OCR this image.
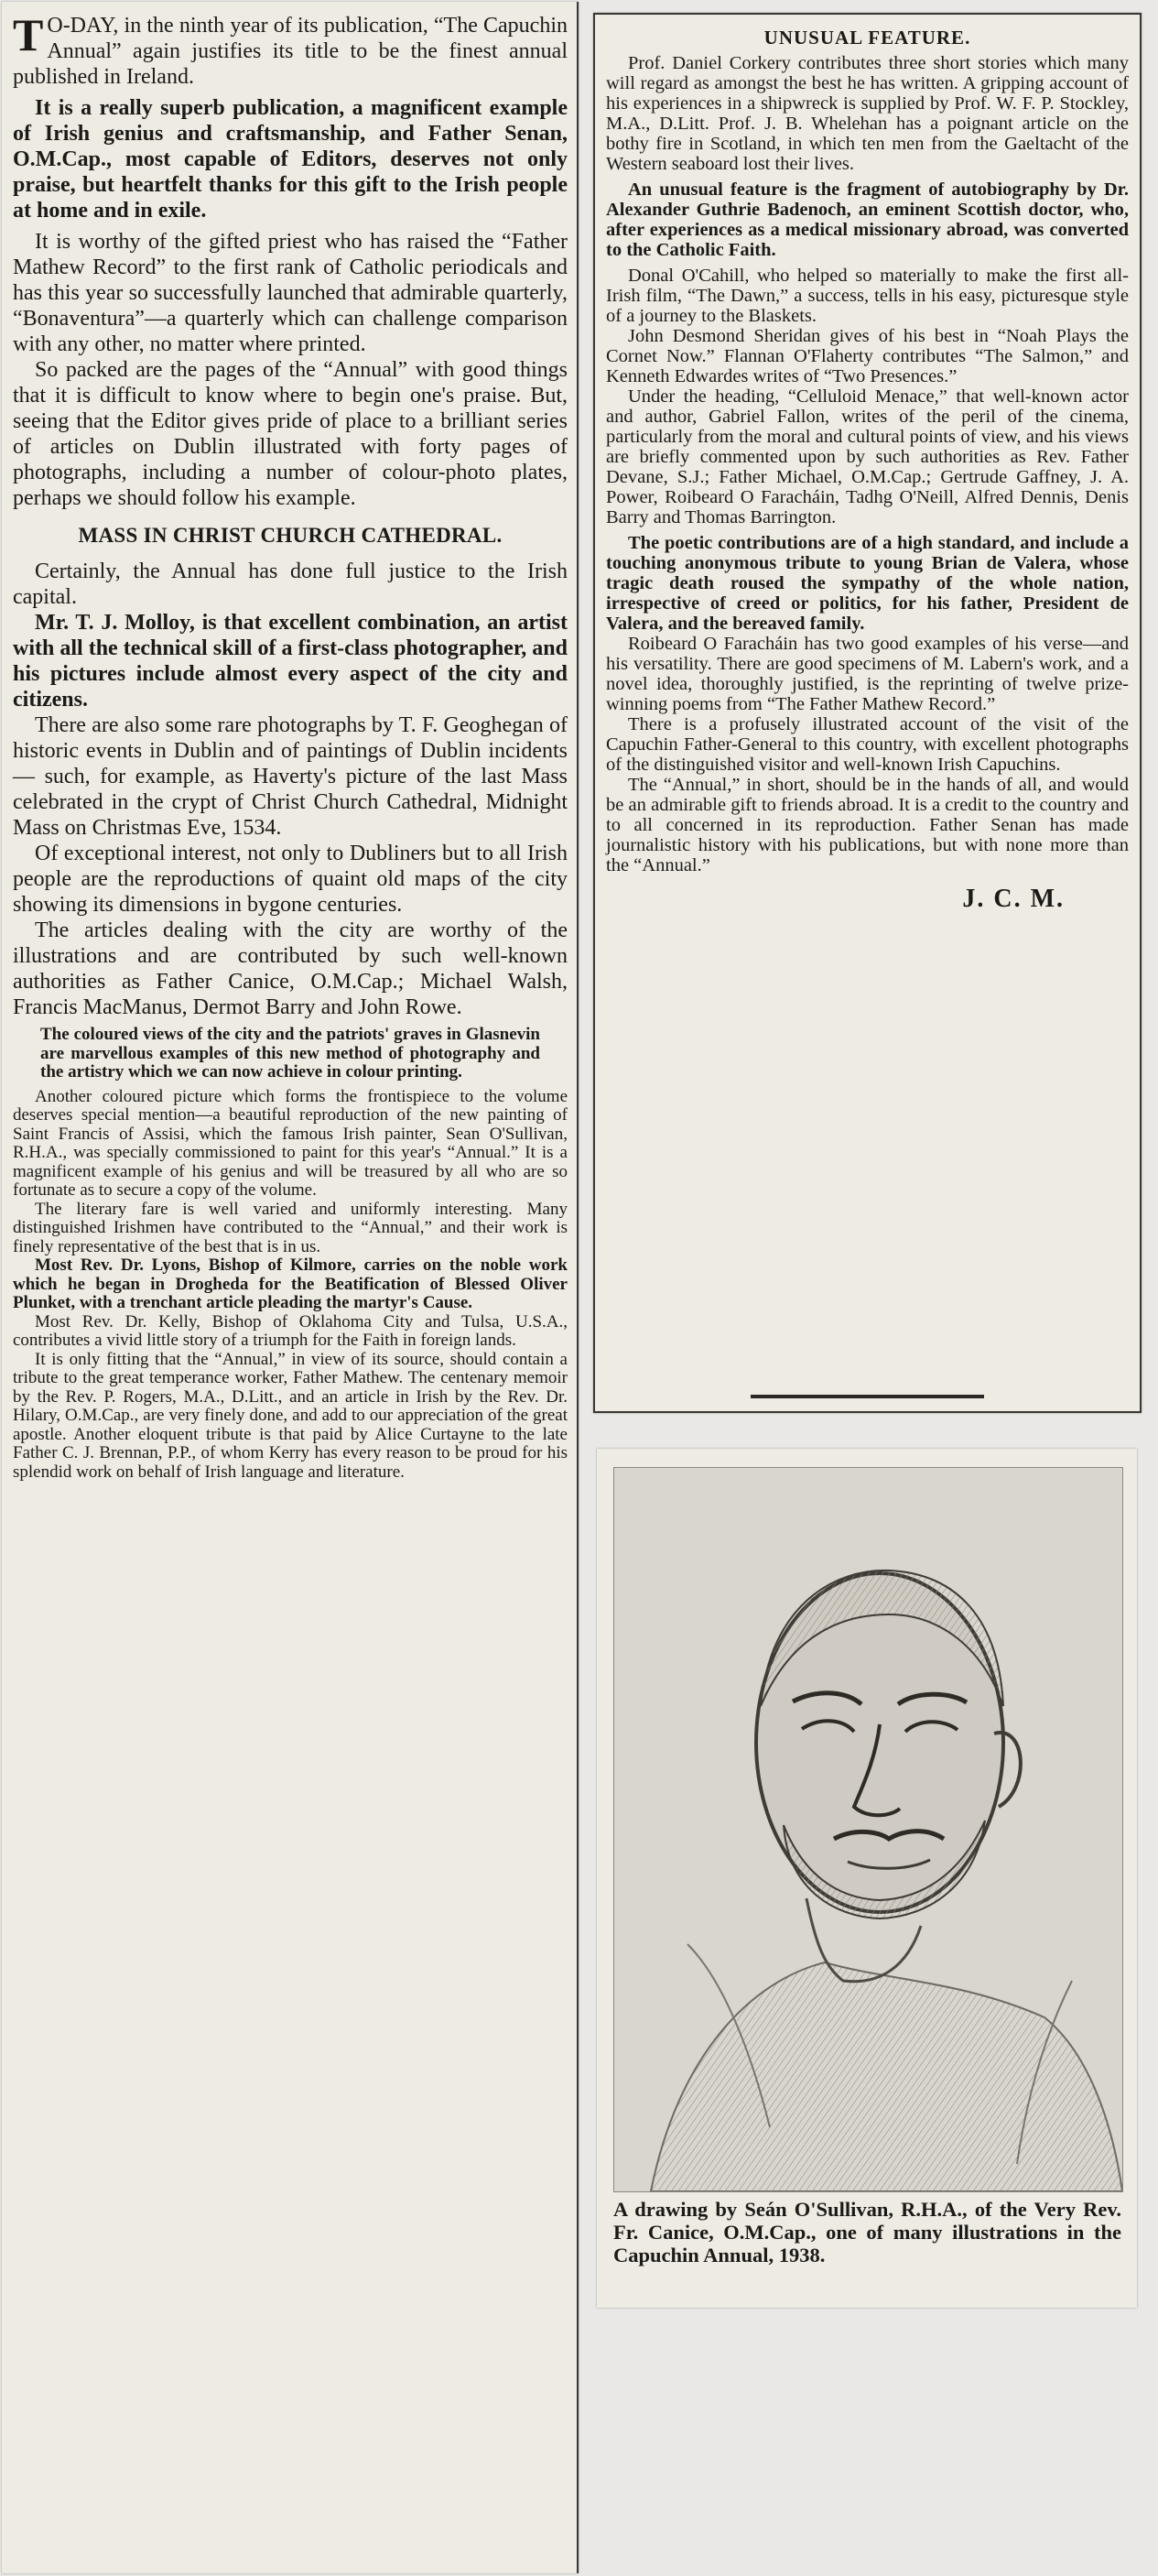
T O-DAY, in the ninth year of its publication, “The Capuchin Annual” again justifies its title to be the finest annual published in Ireland.

It is a really superb publication, a magnificent example of Irish genius and craftsmanship, and Father Senan, O.M.Cap., most capable of Editors, deserves not only praise, but heartfelt thanks for this gift to the Irish people at home and in exile.

It is worthy of the gifted priest who has raised the “Father Mathew Record” to the first rank of Catholic periodicals and has this year so successfully launched that admirable quarterly, “Bonaventura”—a quarterly which can challenge comparison with any other, no matter where printed.

So packed are the pages of the “Annual” with good things that it is difficult to know where to begin one's praise. But, seeing that the Editor gives pride of place to a brilliant series of articles on Dublin illustrated with forty pages of photographs, including a number of colour-photo plates, perhaps we should follow his example.

MASS IN CHRIST CHURCH CATHEDRAL.

Certainly, the Annual has done full justice to the Irish capital.

Mr. T. J. Molloy, is that excellent combination, an artist with all the technical skill of a first-class photographer, and his pictures include almost every aspect of the city and citizens.

There are also some rare photographs by T. F. Geoghegan of historic events in Dublin and of paintings of Dublin incidents — such, for example, as Haverty's picture of the last Mass celebrated in the crypt of Christ Church Cathedral, Midnight Mass on Christmas Eve, 1534.

Of exceptional interest, not only to Dubliners but to all Irish people are the reproductions of quaint old maps of the city showing its dimensions in bygone centuries.

The articles dealing with the city are worthy of the illustrations and are contributed by such well-known authorities as Father Canice, O.M.Cap.; Michael Walsh, Francis MacManus, Dermot Barry and John Rowe.

The coloured views of the city and the patriots' graves in Glasnevin are marvellous examples of this new method of photography and the artistry which we can now achieve in colour printing.

Another coloured picture which forms the frontispiece to the volume deserves special mention—a beautiful reproduction of the new painting of Saint Francis of Assisi, which the famous Irish painter, Sean O'Sullivan, R.H.A., was specially commissioned to paint for this year's “Annual.” It is a magnificent example of his genius and will be treasured by all who are so fortunate as to secure a copy of the volume.

The literary fare is well varied and uniformly interesting. Many distinguished Irishmen have contributed to the “Annual,” and their work is finely representative of the best that is in us.

Most Rev. Dr. Lyons, Bishop of Kilmore, carries on the noble work which he began in Drogheda for the Beatification of Blessed Oliver Plunket, with a trenchant article pleading the martyr's Cause.

Most Rev. Dr. Kelly, Bishop of Oklahoma City and Tulsa, U.S.A., contributes a vivid little story of a triumph for the Faith in foreign lands.

It is only fitting that the “Annual,” in view of its source, should contain a tribute to the great temperance worker, Father Mathew. The centenary memoir by the Rev. P. Rogers, M.A., D.Litt., and an article in Irish by the Rev. Dr. Hilary, O.M.Cap., are very finely done, and add to our appreciation of the great apostle. Another eloquent tribute is that paid by Alice Curtayne to the late Father C. J. Brennan, P.P., of whom Kerry has every reason to be proud for his splendid work on behalf of Irish language and literature.

UNUSUAL FEATURE.

Prof. Daniel Corkery contributes three short stories which many will regard as amongst the best he has written. A gripping account of his experiences in a shipwreck is supplied by Prof. W. F. P. Stockley, M.A., D.Litt. Prof. J. B. Whelehan has a poignant article on the bothy fire in Scotland, in which ten men from the Gaeltacht of the Western seaboard lost their lives.

An unusual feature is the fragment of autobiography by Dr. Alexander Guthrie Badenoch, an eminent Scottish doctor, who, after experiences as a medical missionary abroad, was converted to the Catholic Faith.

Donal O'Cahill, who helped so materially to make the first all-Irish film, “The Dawn,” a success, tells in his easy, picturesque style of a journey to the Blaskets.

John Desmond Sheridan gives of his best in “Noah Plays the Cornet Now.” Flannan O'Flaherty contributes “The Salmon,” and Kenneth Edwardes writes of “Two Presences.”

Under the heading, “Celluloid Menace,” that well-known actor and author, Gabriel Fallon, writes of the peril of the cinema, particularly from the moral and cultural points of view, and his views are briefly commented upon by such authorities as Rev. Father Devane, S.J.; Father Michael, O.M.Cap.; Gertrude Gaffney, J. A. Power, Roibeard O Faracháin, Tadhg O'Neill, Alfred Dennis, Denis Barry and Thomas Barrington.

The poetic contributions are of a high standard, and include a touching anonymous tribute to young Brian de Valera, whose tragic death roused the sympathy of the whole nation, irrespective of creed or politics, for his father, President de Valera, and the bereaved family.

Roibeard O Faracháin has two good examples of his verse—and his versatility. There are good specimens of M. Labern's work, and a novel idea, thoroughly justified, is the reprinting of twelve prize-winning poems from “The Father Mathew Record.”

There is a profusely illustrated account of the visit of the Capuchin Father-General to this country, with excellent photographs of the distinguished visitor and well-known Irish Capuchins.

The “Annual,” in short, should be in the hands of all, and would be an admirable gift to friends abroad. It is a credit to the country and to all concerned in its reproduction. Father Senan has made journalistic history with his publications, but with none more than the “Annual.”

J. C. M.
A drawing by Seán O'Sullivan, R.H.A., of the Very Rev. Fr. Canice, O.M.Cap., one of many illustrations in the Capuchin Annual, 1938.
